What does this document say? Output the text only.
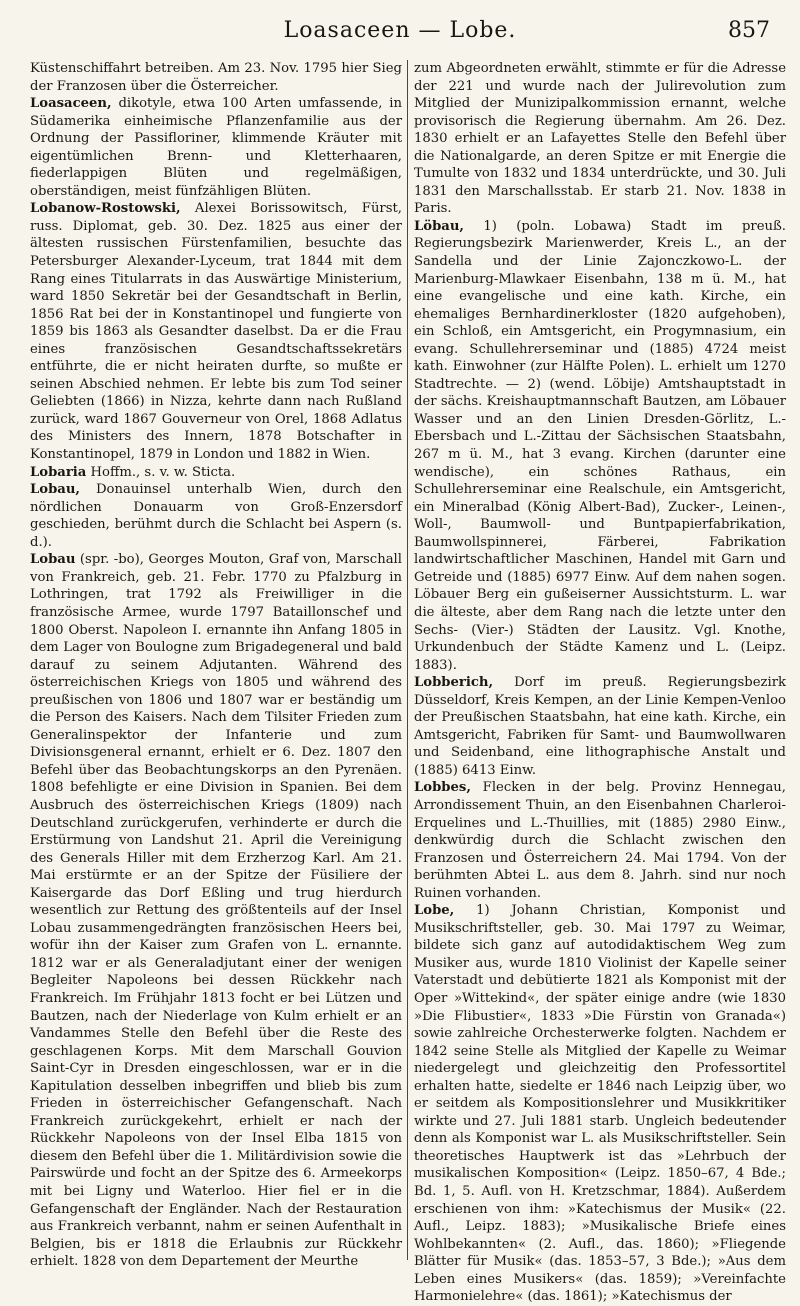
Loasaceen — Lobe.	857

Küstenschiffahrt betreiben. Am 23. Nov. 1795 hier Sieg der Franzosen über die Österreicher.

Loasaceen, dikotyle, etwa 100 Arten umfassende, in Südamerika einheimische Pflanzenfamilie aus der Ordnung der Passifloriner, klimmende Kräuter mit eigentümlichen Brenn- und Kletterhaaren, fiederlappigen Blüten und regelmäßigen, oberständigen, meist fünfzähligen Blüten.

Lobanow-Rostowski, Alexei Borissowitsch, Fürst, russ. Diplomat, geb. 30. Dez. 1825 aus einer der ältesten russischen Fürstenfamilien, besuchte das Petersburger Alexander-Lyceum, trat 1844 mit dem Rang eines Titularrats in das Auswärtige Ministerium, ward 1850 Sekretär bei der Gesandtschaft in Berlin, 1856 Rat bei der in Konstantinopel und fungierte von 1859 bis 1863 als Gesandter daselbst. Da er die Frau eines französischen Gesandtschaftssekretärs entführte, die er nicht heiraten durfte, so mußte er seinen Abschied nehmen. Er lebte bis zum Tod seiner Geliebten (1866) in Nizza, kehrte dann nach Rußland zurück, ward 1867 Gouverneur von Orel, 1868 Adlatus des Ministers des Innern, 1878 Botschafter in Konstantinopel, 1879 in London und 1882 in Wien.

Lobaria Hoffm., s. v. w. Sticta.

Lobau, Donauinsel unterhalb Wien, durch den nördlichen Donauarm von Groß-Enzersdorf geschieden, berühmt durch die Schlacht bei Aspern (s. d.).

Lobau (spr. -bo), Georges Mouton, Graf von, Marschall von Frankreich, geb. 21. Febr. 1770 zu Pfalzburg in Lothringen, trat 1792 als Freiwilliger in die französische Armee, wurde 1797 Bataillonschef und 1800 Oberst. Napoleon I. ernannte ihn Anfang 1805 in dem Lager von Boulogne zum Brigadegeneral und bald darauf zu seinem Adjutanten. Während des österreichischen Kriegs von 1805 und während des preußischen von 1806 und 1807 war er beständig um die Person des Kaisers. Nach dem Tilsiter Frieden zum Generalinspektor der Infanterie und zum Divisionsgeneral ernannt, erhielt er 6. Dez. 1807 den Befehl über das Beobachtungskorps an den Pyrenäen. 1808 befehligte er eine Division in Spanien. Bei dem Ausbruch des österreichischen Kriegs (1809) nach Deutschland zurückgerufen, verhinderte er durch die Erstürmung von Landshut 21. April die Vereinigung des Generals Hiller mit dem Erzherzog Karl. Am 21. Mai erstürmte er an der Spitze der Füsiliere der Kaisergarde das Dorf Eßling und trug hierdurch wesentlich zur Rettung des größtenteils auf der Insel Lobau zusammengedrängten französischen Heers bei, wofür ihn der Kaiser zum Grafen von L. ernannte. 1812 war er als Generaladjutant einer der wenigen Begleiter Napoleons bei dessen Rückkehr nach Frankreich. Im Frühjahr 1813 focht er bei Lützen und Bautzen, nach der Niederlage von Kulm erhielt er an Vandammes Stelle den Befehl über die Reste des geschlagenen Korps. Mit dem Marschall Gouvion Saint-Cyr in Dresden eingeschlossen, war er in die Kapitulation desselben inbegriffen und blieb bis zum Frieden in österreichischer Gefangenschaft. Nach Frankreich zurückgekehrt, erhielt er nach der Rückkehr Napoleons von der Insel Elba 1815 von diesem den Befehl über die 1. Militärdivision sowie die Pairswürde und focht an der Spitze des 6. Armeekorps mit bei Ligny und Waterloo. Hier fiel er in die Gefangenschaft der Engländer. Nach der Restauration aus Frankreich verbannt, nahm er seinen Aufenthalt in Belgien, bis er 1818 die Erlaubnis zur Rückkehr erhielt. 1828 von dem Departement der Meurthe

zum Abgeordneten erwählt, stimmte er für die Adresse der 221 und wurde nach der Julirevolution zum Mitglied der Munizipalkommission ernannt, welche provisorisch die Regierung übernahm. Am 26. Dez. 1830 erhielt er an Lafayettes Stelle den Befehl über die Nationalgarde, an deren Spitze er mit Energie die Tumulte von 1832 und 1834 unterdrückte, und 30. Juli 1831 den Marschallsstab. Er starb 21. Nov. 1838 in Paris.

Löbau, 1) (poln. Lobawa) Stadt im preuß. Regierungsbezirk Marienwerder, Kreis L., an der Sandella und der Linie Zajonczkowo-L. der Marienburg-Mlawkaer Eisenbahn, 138 m ü. M., hat eine evangelische und eine kath. Kirche, ein ehemaliges Bernhardinerkloster (1820 aufgehoben), ein Schloß, ein Amtsgericht, ein Progymnasium, ein evang. Schullehrerseminar und (1885) 4724 meist kath. Einwohner (zur Hälfte Polen). L. erhielt um 1270 Stadtrechte. — 2) (wend. Löbije) Amtshauptstadt in der sächs. Kreishauptmannschaft Bautzen, am Löbauer Wasser und an den Linien Dresden-Görlitz, L.-Ebersbach und L.-Zittau der Sächsischen Staatsbahn, 267 m ü. M., hat 3 evang. Kirchen (darunter eine wendische), ein schönes Rathaus, ein Schullehrerseminar eine Realschule, ein Amtsgericht, ein Mineralbad (König Albert-Bad), Zucker-, Leinen-, Woll-, Baumwoll- und Buntpapierfabrikation, Baumwollspinnerei, Färberei, Fabrikation landwirtschaftlicher Maschinen, Handel mit Garn und Getreide und (1885) 6977 Einw. Auf dem nahen sogen. Löbauer Berg ein gußeiserner Aussichtsturm. L. war die älteste, aber dem Rang nach die letzte unter den Sechs- (Vier-) Städten der Lausitz. Vgl. Knothe, Urkundenbuch der Städte Kamenz und L. (Leipz. 1883).

Lobberich, Dorf im preuß. Regierungsbezirk Düsseldorf, Kreis Kempen, an der Linie Kempen-Venloo der Preußischen Staatsbahn, hat eine kath. Kirche, ein Amtsgericht, Fabriken für Samt- und Baumwollwaren und Seidenband, eine lithographische Anstalt und (1885) 6413 Einw.

Lobbes, Flecken in der belg. Provinz Hennegau, Arrondissement Thuin, an den Eisenbahnen Charleroi-Erquelines und L.-Thuillies, mit (1885) 2980 Einw., denkwürdig durch die Schlacht zwischen den Franzosen und Österreichern 24. Mai 1794. Von der berühmten Abtei L. aus dem 8. Jahrh. sind nur noch Ruinen vorhanden.

Lobe, 1) Johann Christian, Komponist und Musikschriftsteller, geb. 30. Mai 1797 zu Weimar, bildete sich ganz auf autodidaktischem Weg zum Musiker aus, wurde 1810 Violinist der Kapelle seiner Vaterstadt und debütierte 1821 als Komponist mit der Oper »Wittekind«, der später einige andre (wie 1830 »Die Flibustier«, 1833 »Die Fürstin von Granada«) sowie zahlreiche Orchesterwerke folgten. Nachdem er 1842 seine Stelle als Mitglied der Kapelle zu Weimar niedergelegt und gleichzeitig den Professortitel erhalten hatte, siedelte er 1846 nach Leipzig über, wo er seitdem als Kompositionslehrer und Musikkritiker wirkte und 27. Juli 1881 starb. Ungleich bedeutender denn als Komponist war L. als Musikschriftsteller. Sein theoretisches Hauptwerk ist das »Lehrbuch der musikalischen Komposition« (Leipz. 1850–67, 4 Bde.; Bd. 1, 5. Aufl. von H. Kretzschmar, 1884). Außerdem erschienen von ihm: »Katechismus der Musik« (22. Aufl., Leipz. 1883); »Musikalische Briefe eines Wohlbekannten« (2. Aufl., das. 1860); »Fliegende Blätter für Musik« (das. 1853–57, 3 Bde.); »Aus dem Leben eines Musikers« (das. 1859); »Vereinfachte Harmonielehre« (das. 1861); »Katechismus der
